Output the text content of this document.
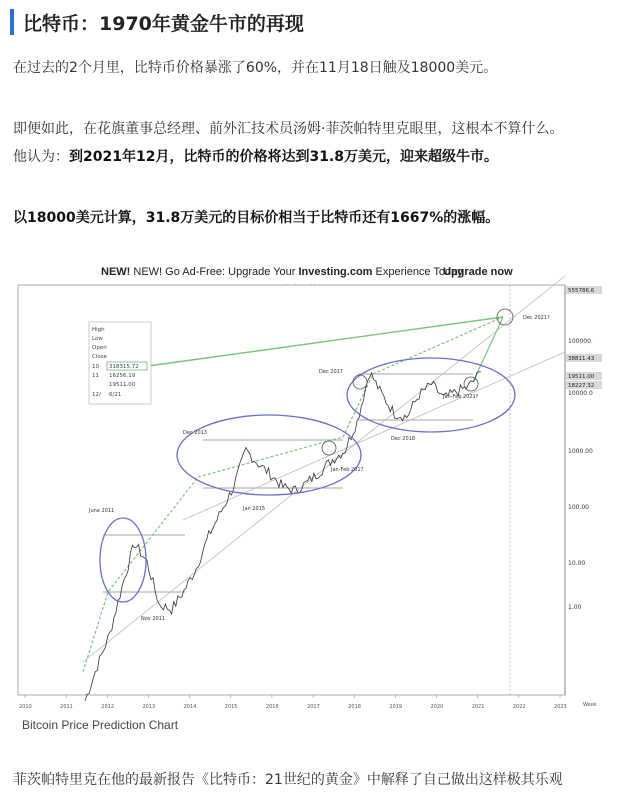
比特币：1970年黄金牛市的再现
在过去的2个月里，比特币价格暴涨了60%，并在11月18日触及18000美元。
即便如此，在花旗董事总经理、前外汇技术员汤姆·菲茨帕特里克眼里，这根本不算什么。
他认为：到2021年12月，比特币的价格将达到31.8万美元，迎来超级牛市。
以18000美元计算，31.8万美元的目标价相当于比特币还有1667%的涨幅。
NEW! NEW! Go Ad-Free: Upgrade Your Investing.com Experience Today
Upgrade now
June 2011
Nov 2011
Dec 2013
Jan 2015
Jan-Feb 2017
Dec 2017
Dec 2018
Jan-Feb 2021?
Dec 2021?
High
Low
Open
Close
10 318315.72
11 16256.19
19511.00
12/ 6/21
100000.
10000.0
1000.00
100.00
10.00
1.00
555786.6
38811.43
19511.00
18227.32
2010	2011	2012	2013	2014	2015	2016	2017	2018	2019	2020	2021	2022	2023	Week
Bitcoin Price Prediction Chart
菲茨帕特里克在他的最新报告《比特币：21世纪的黄金》中解释了自己做出这样极其乐观
